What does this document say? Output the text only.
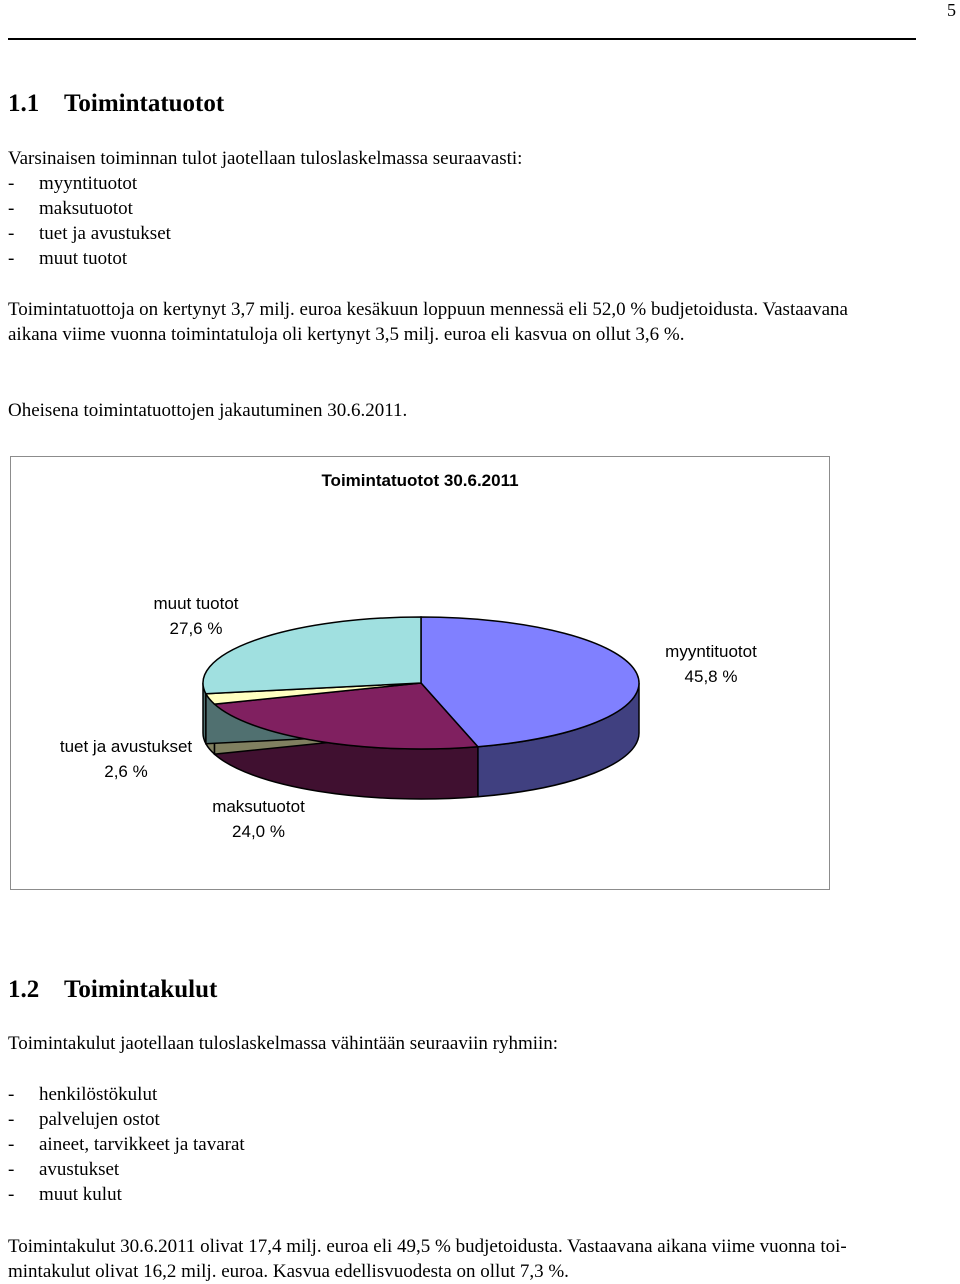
5
1.1 Toimintatuotot

Varsinaisen toiminnan tulot jaotellaan tuloslaskelmassa seuraavasti:

- myyntituotot
- maksutuotot
- tuet ja avustukset
- muut tuotot

Toimintatuottoja on kertynyt 3,7 milj. euroa kesäkuun loppuun mennessä eli 52,0 % budjetoidusta. Vastaavana

aikana viime vuonna toimintatuloja oli kertynyt 3,5 milj. euroa eli kasvua on ollut 3,6 %.

Oheisena toimintatuottojen jakautuminen 30.6.2011.

Toimintatuotot 30.6.2011
muut tuotot
27,6 %
myyntituotot
45,8 %
tuet ja avustukset
2,6 %
maksutuotot
24,0 %
1.2 Toimintakulut

Toimintakulut jaotellaan tuloslaskelmassa vähintään seuraaviin ryhmiin:

- henkilöstökulut
- palvelujen ostot
- aineet, tarvikkeet ja tavarat
- avustukset
- muut kulut

Toimintakulut 30.6.2011 olivat 17,4 milj. euroa eli 49,5 % budjetoidusta. Vastaavana aikana viime vuonna toi-

mintakulut olivat 16,2 milj. euroa. Kasvua edellisvuodesta on ollut 7,3 %.
